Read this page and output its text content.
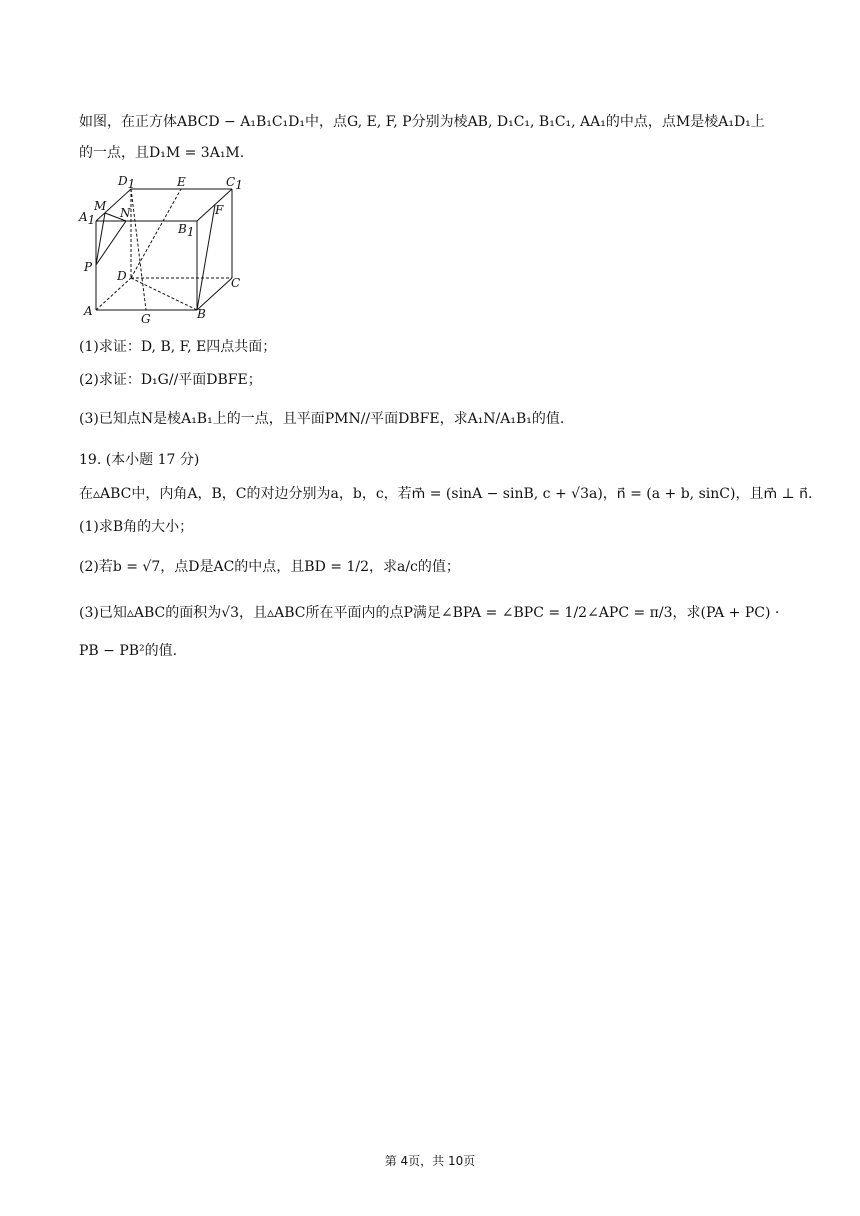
如图，在正方体ABCD − A₁B₁C₁D₁中，点G, E, F, P分别为棱AB, D₁C₁, B₁C₁, AA₁的中点，点M是棱A₁D₁上
的一点，且D₁M = 3A₁M.
D1	E	C1
A1
M N	F
B1
P
D	C
A
G	B
(1)求证：D, B, F, E四点共面；
(2)求证：D₁G//平面DBFE；
(3)已知点N是棱A₁B₁上的一点，且平面PMN//平面DBFE，求A₁N/A₁B₁的值.
19. (本小题 17 分)
在▵ABC中，内角A，B，C的对边分别为a，b，c，若m⃗ = (sinA − sinB, c + √3a)，n⃗ = (a + b, sinC)，且m⃗ ⊥ n⃗.
(1)求B角的大小；
(2)若b = √7，点D是AC的中点，且BD = 1/2，求a/c的值；
(3)已知▵ABC的面积为√3，且▵ABC所在平面内的点P满足∠BPA = ∠BPC = 1/2∠APC = π/3，求(PA + PC) ·
PB − PB²的值.
第 4页，共 10页
